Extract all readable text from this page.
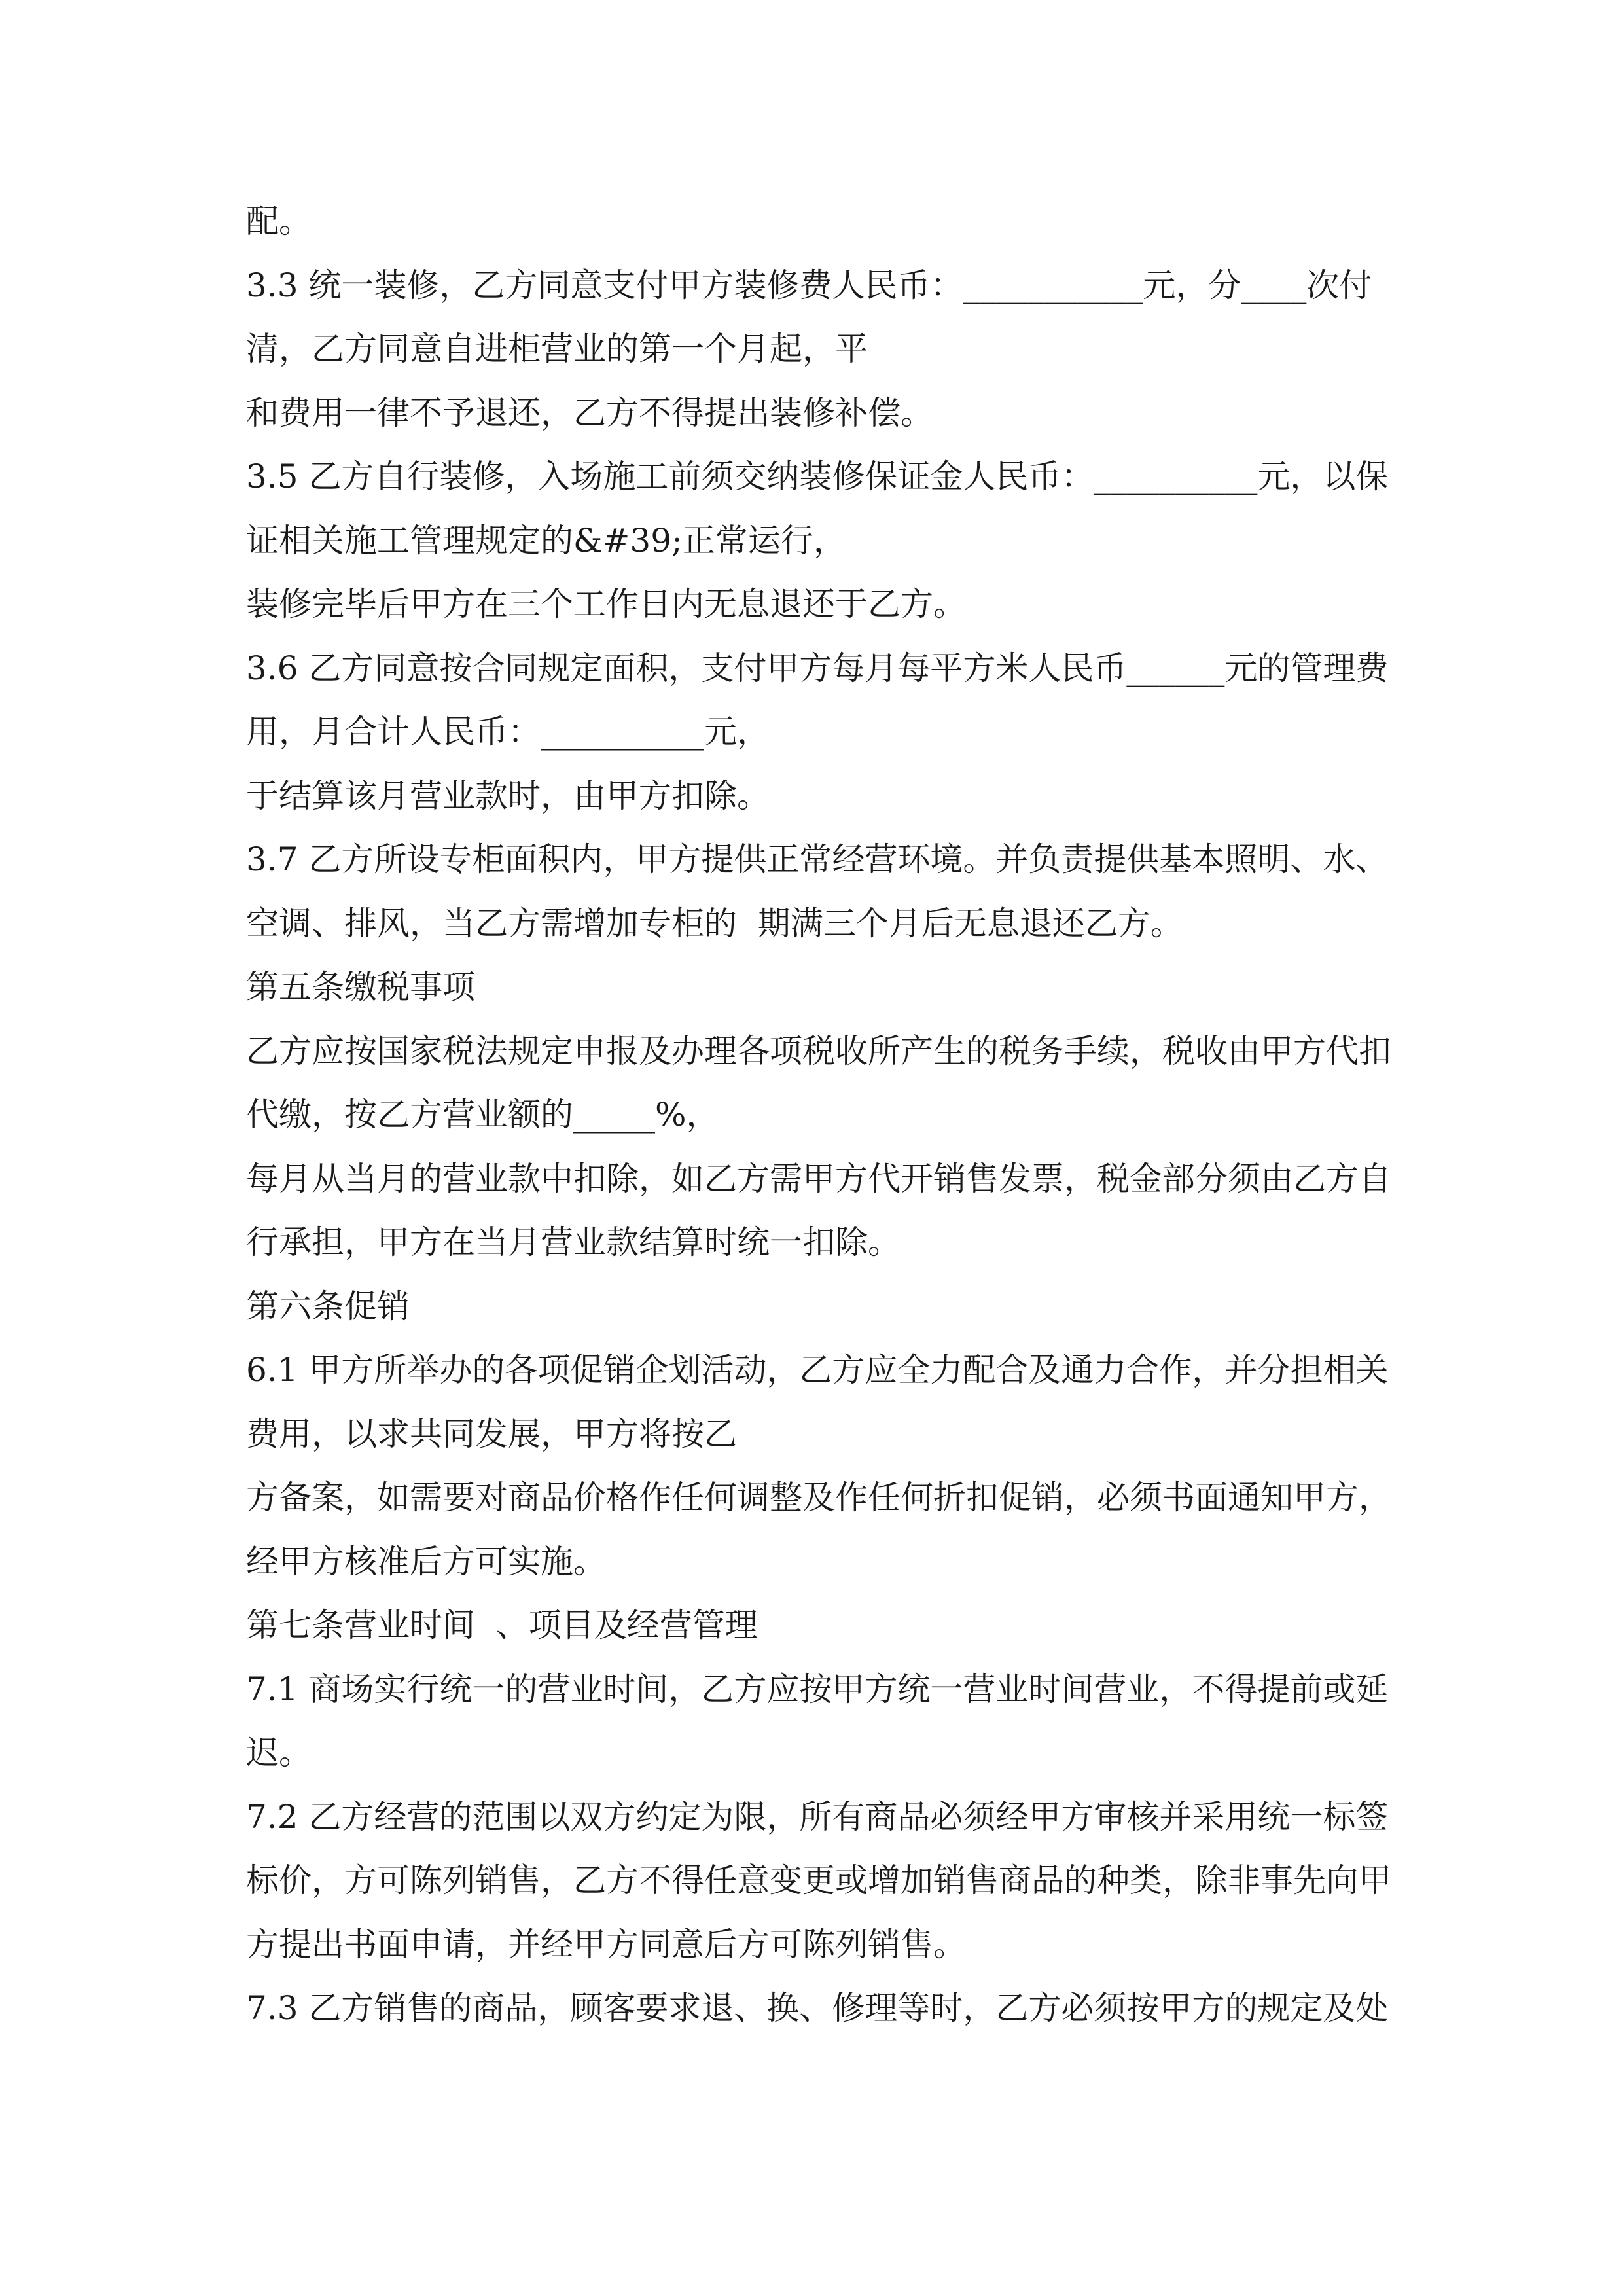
配。
3.3 统一装修，乙方同意支付甲方装修费人民币：___________元，分____次付
清，乙方同意自进柜营业的第一个月起，平
和费用一律不予退还，乙方不得提出装修补偿。
3.5 乙方自行装修，入场施工前须交纳装修保证金人民币：__________元，以保
证相关施工管理规定的&#39;正常运行，
装修完毕后甲方在三个工作日内无息退还于乙方。
3.6 乙方同意按合同规定面积，支付甲方每月每平方米人民币______元的管理费
用，月合计人民币：__________元，
于结算该月营业款时，由甲方扣除。
3.7 乙方所设专柜面积内，甲方提供正常经营环境。并负责提供基本照明、水、
空调、排风，当乙方需增加专柜的  期满三个月后无息退还乙方。
第五条缴税事项
乙方应按国家税法规定申报及办理各项税收所产生的税务手续，税收由甲方代扣
代缴，按乙方营业额的_____%，
每月从当月的营业款中扣除，如乙方需甲方代开销售发票，税金部分须由乙方自
行承担，甲方在当月营业款结算时统一扣除。
第六条促销
6.1 甲方所举办的各项促销企划活动，乙方应全力配合及通力合作，并分担相关
费用，以求共同发展，甲方将按乙
方备案，如需要对商品价格作任何调整及作任何折扣促销，必须书面通知甲方，
经甲方核准后方可实施。
第七条营业时间  、项目及经营管理
7.1 商场实行统一的营业时间，乙方应按甲方统一营业时间营业，不得提前或延
迟。
7.2 乙方经营的范围以双方约定为限，所有商品必须经甲方审核并采用统一标签
标价，方可陈列销售，乙方不得任意变更或增加销售商品的种类，除非事先向甲
方提出书面申请，并经甲方同意后方可陈列销售。
7.3 乙方销售的商品，顾客要求退、换、修理等时，乙方必须按甲方的规定及处
